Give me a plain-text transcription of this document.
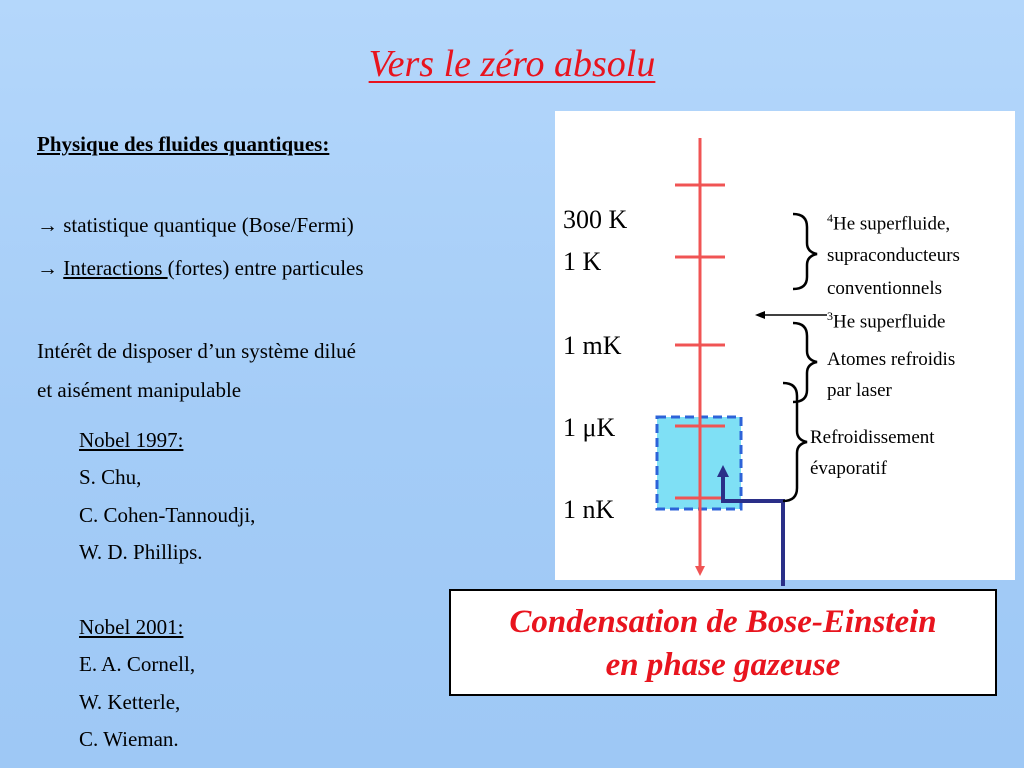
Vers le zéro absolu
Physique des fluides quantiques:
→ statistique quantique (Bose/Fermi)
→ Interactions (fortes) entre particules
Intérêt de disposer d’un système dilué
et aisément manipulable
Nobel 1997:
S. Chu,
C. Cohen-Tannoudji,
W. D. Phillips.
Nobel 2001:
E. A. Cornell,
W. Ketterle,
C. Wieman.
300 K
1 K
1 mK
1 μK
1 nK
$^4$He superfluide,
supraconducteurs
conventionnels
$^3$He superfluide
Atomes refroidis
par laser
Refroidissement
évaporatif
Condensation de Bose-Einstein
en phase gazeuse
